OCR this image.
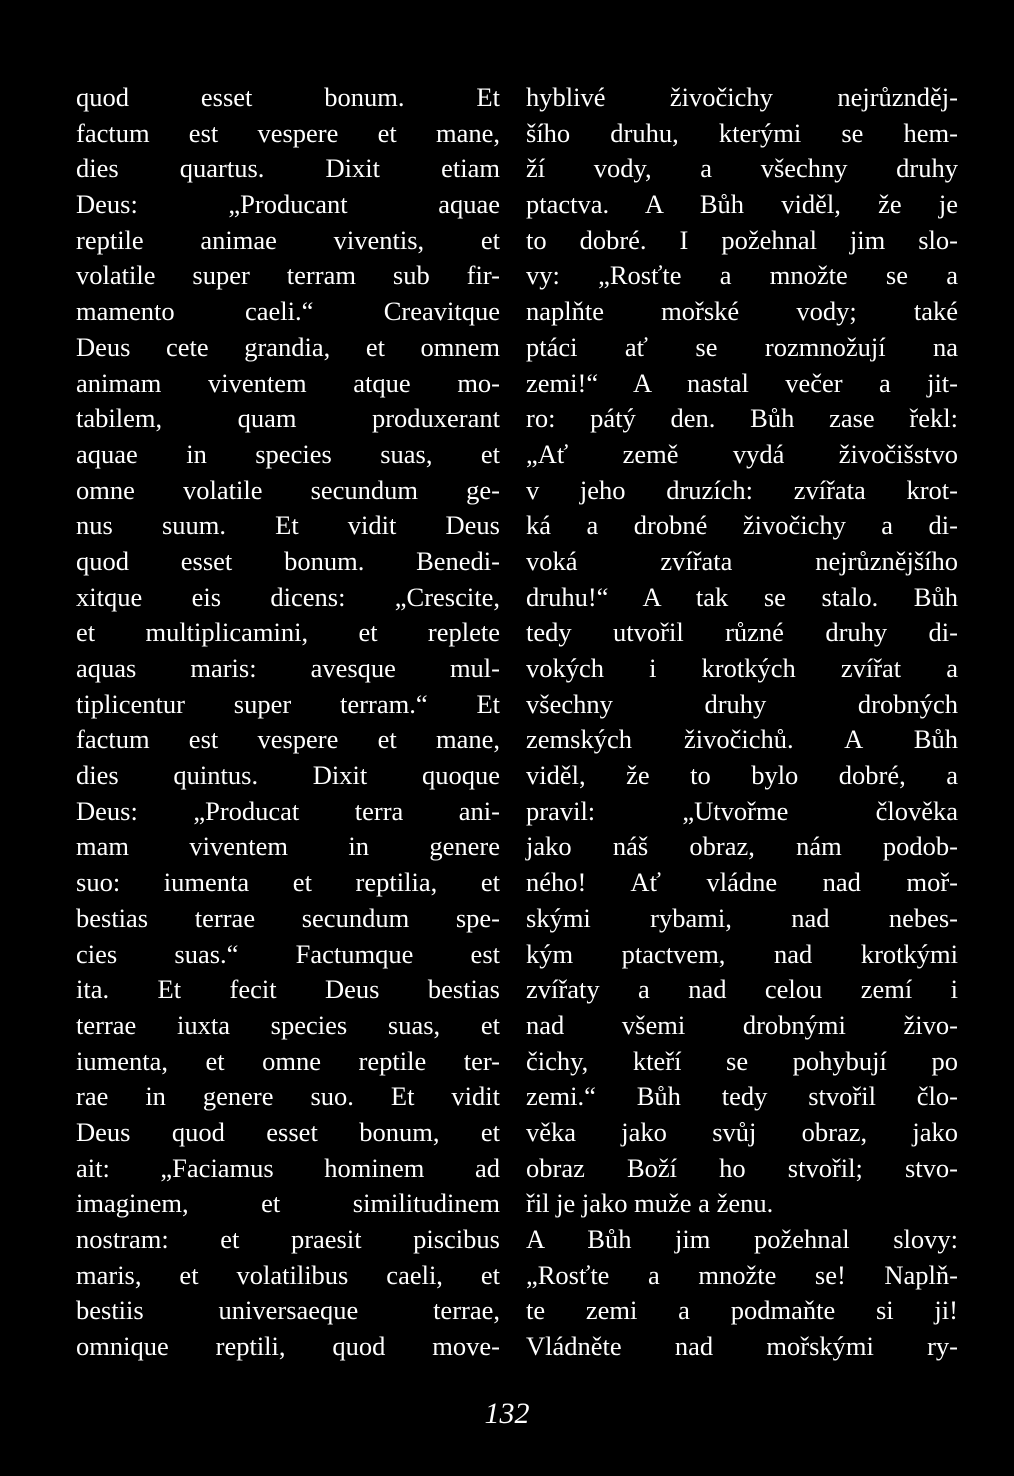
quod esset bonum. Et
factum est vespere et mane,
dies quartus. Dixit etiam
Deus: „Producant aquae
reptile animae viventis, et
volatile super terram sub fir-
mamento caeli.“ Creavitque
Deus cete grandia, et omnem
animam viventem atque mo-
tabilem, quam produxerant
aquae in species suas, et
omne volatile secundum ge-
nus suum. Et vidit Deus
quod esset bonum. Benedi-
xitque eis dicens: „Crescite,
et multiplicamini, et replete
aquas maris: avesque mul-
tiplicentur super terram.“ Et
factum est vespere et mane,
dies quintus. Dixit quoque
Deus: „Producat terra ani-
mam viventem in genere
suo: iumenta et reptilia, et
bestias terrae secundum spe-
cies suas.“ Factumque est
ita. Et fecit Deus bestias
terrae iuxta species suas, et
iumenta, et omne reptile ter-
rae in genere suo. Et vidit
Deus quod esset bonum, et
ait: „Faciamus hominem ad
imaginem, et similitudinem
nostram: et praesit piscibus
maris, et volatilibus caeli, et
bestiis universaeque terrae,
omnique reptili, quod move-
hyblivé živočichy nejrůznděj-
šího druhu, kterými se hem-
ží vody, a všechny druhy
ptactva. A Bůh viděl, že je
to dobré. I požehnal jim slo-
vy: „Rosťte a množte se a
naplňte mořské vody; také
ptáci ať se rozmnožují na
zemi!“ A nastal večer a jit-
ro: pátý den. Bůh zase řekl:
„Ať země vydá živočišstvo
v jeho druzích: zvířata krot-
ká a drobné živočichy a di-
voká zvířata nejrůznějšího
druhu!“ A tak se stalo. Bůh
tedy utvořil různé druhy di-
vokých i krotkých zvířat a
všechny druhy drobných
zemských živočichů. A Bůh
viděl, že to bylo dobré, a
pravil: „Utvořme člověka
jako náš obraz, nám podob-
ného! Ať vládne nad moř-
skými rybami, nad nebes-
kým ptactvem, nad krotkými
zvířaty a nad celou zemí i
nad všemi drobnými živo-
čichy, kteří se pohybují po
zemi.“ Bůh tedy stvořil člo-
věka jako svůj obraz, jako
obraz Boží ho stvořil; stvo-
řil je jako muže a ženu.
A Bůh jim požehnal slovy:
„Rosťte a množte se! Naplň-
te zemi a podmaňte si ji!
Vládněte nad mořskými ry-
132
